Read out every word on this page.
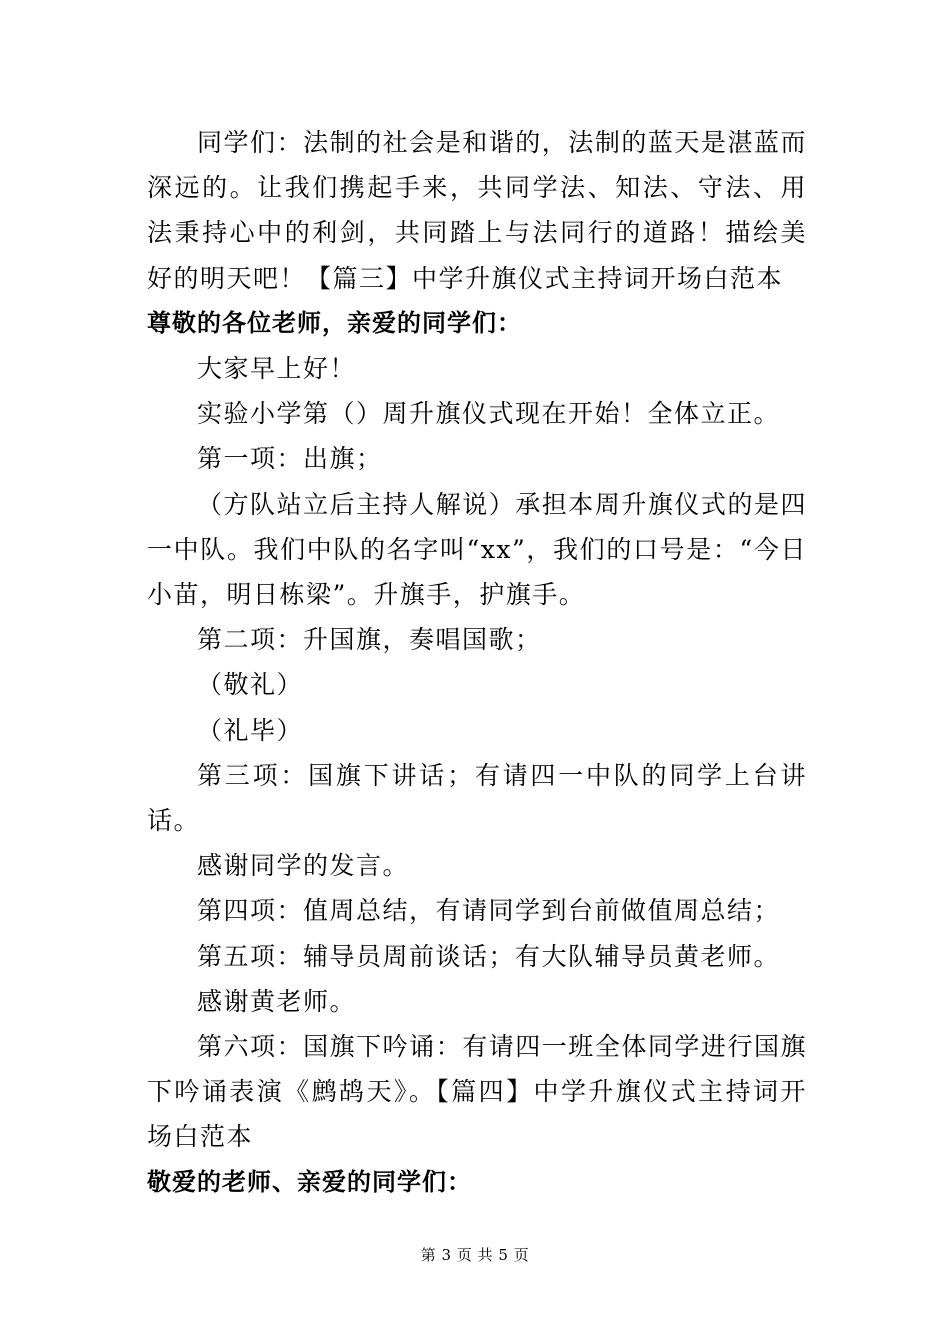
同学们：法制的社会是和谐的，法制的蓝天是湛蓝而深远的。让我们携起手来，共同学法、知法、守法、用法秉持心中的利剑，共同踏上与法同行的道路！描绘美好的明天吧！【篇三】中学升旗仪式主持词开场白范本

尊敬的各位老师，亲爱的同学们：

大家早上好！

实验小学第（）周升旗仪式现在开始！全体立正。

第一项：出旗；

（方队站立后主持人解说）承担本周升旗仪式的是四一中队。我们中队的名字叫“xx”，我们的口号是：“今日小苗，明日栋梁”。升旗手，护旗手。

第二项：升国旗，奏唱国歌；

（敬礼）

（礼毕）

第三项：国旗下讲话；有请四一中队的同学上台讲话。

感谢同学的发言。

第四项：值周总结，有请同学到台前做值周总结；

第五项：辅导员周前谈话；有大队辅导员黄老师。

感谢黄老师。

第六项：国旗下吟诵：有请四一班全体同学进行国旗下吟诵表演《鹧鸪天》。【篇四】中学升旗仪式主持词开场白范本

敬爱的老师、亲爱的同学们：

第 3 页 共 5 页
